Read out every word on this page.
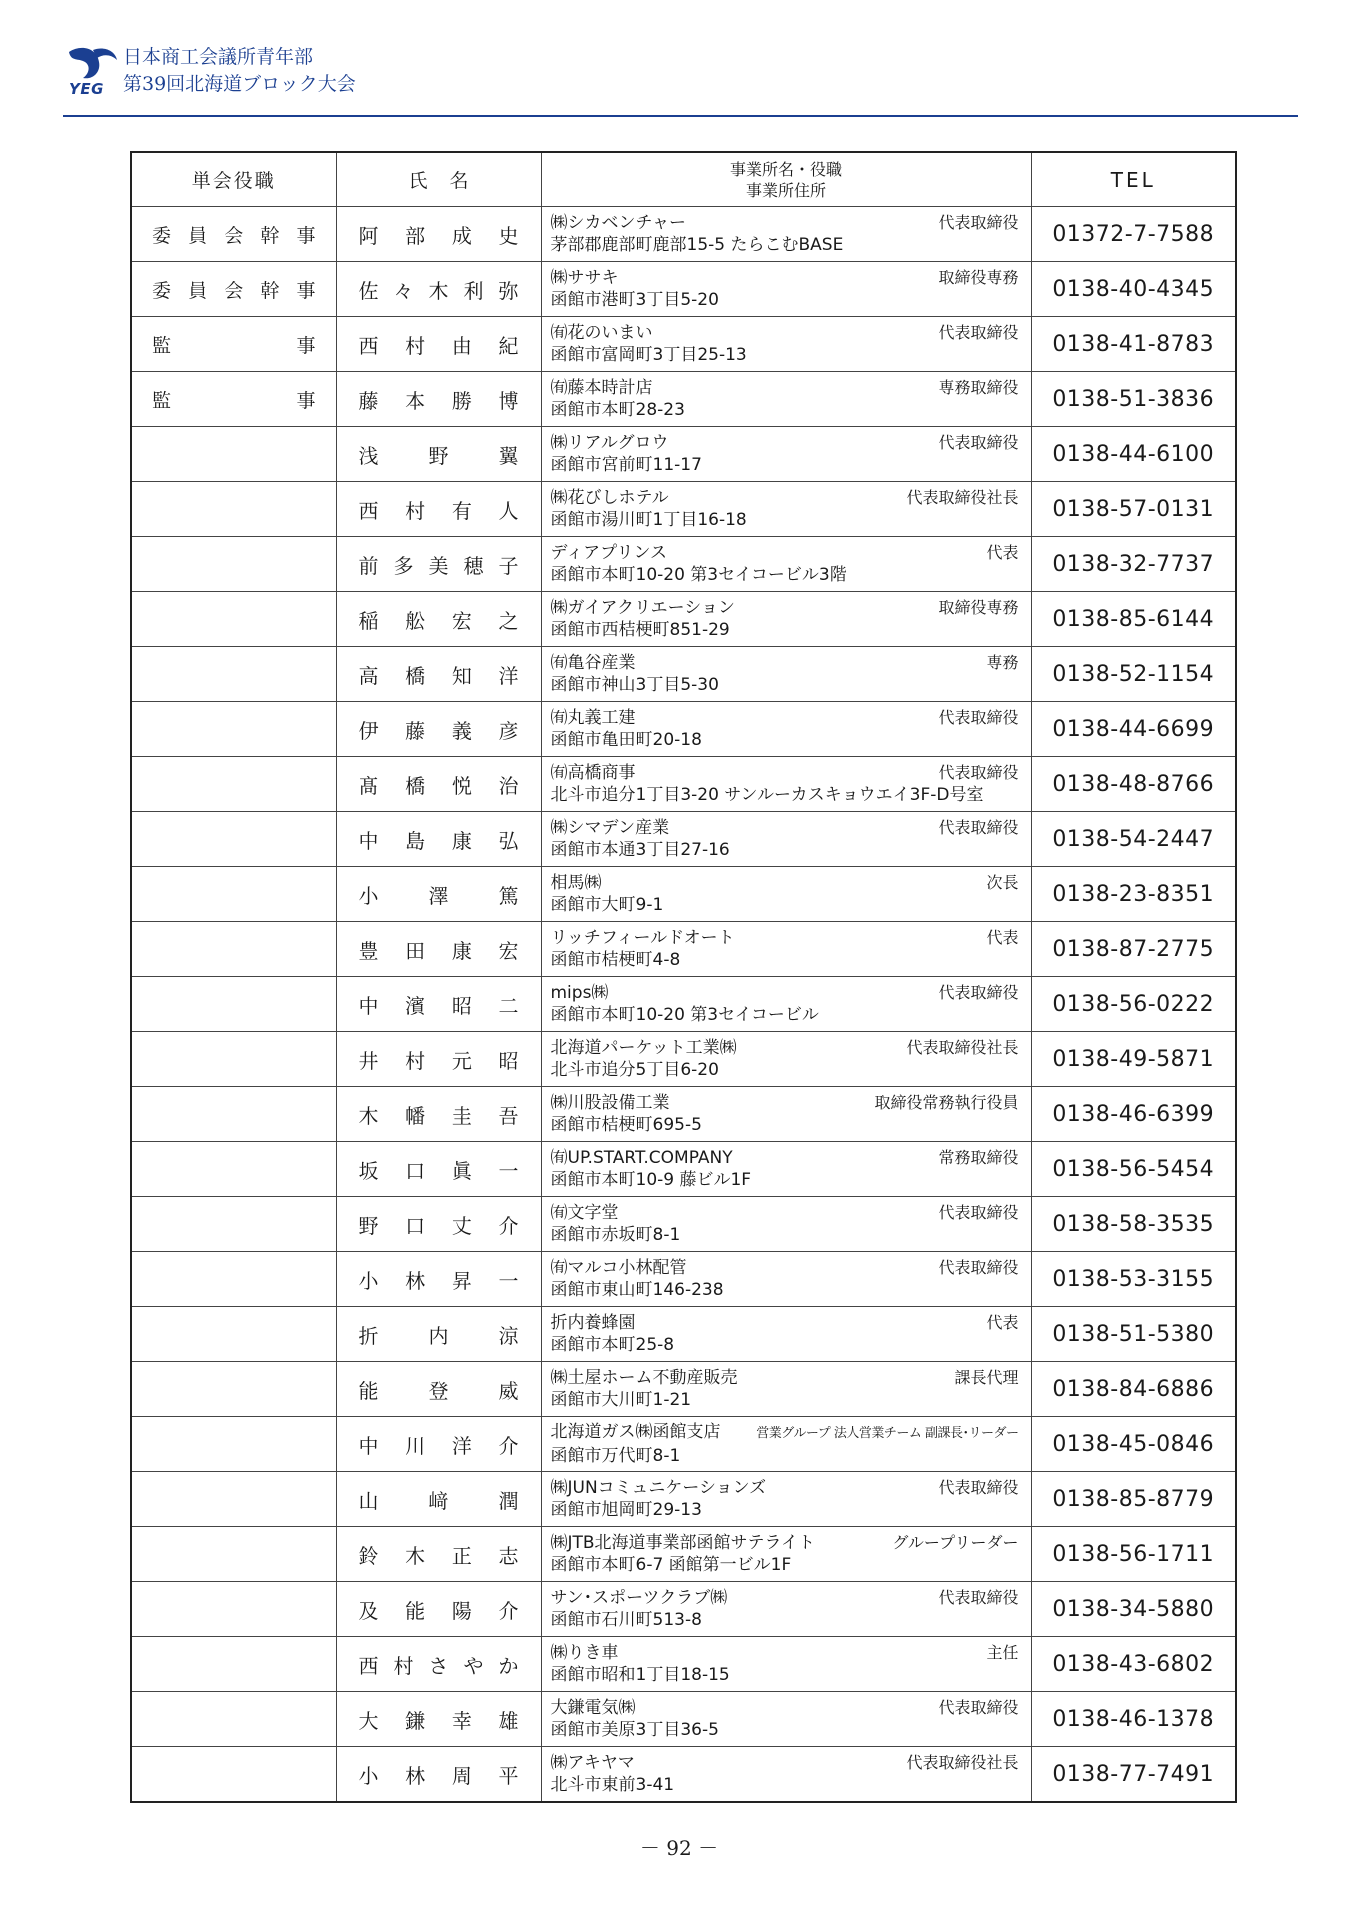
YEG
日本商工会議所青年部
第39回北海道ブロック大会
単会役職	氏名	事業所名・役職
事業所住所	TEL
委員会幹事	阿部成史	㈱シカベンチャー 代表取締役
茅部郡鹿部町鹿部15-5 たらこむBASE	01372-7-7588
委員会幹事	佐々木利弥	㈱ササキ 取締役専務
函館市港町3丁目5-20	0138-40-4345
監事	西村由紀	㈲花のいまい 代表取締役
函館市富岡町3丁目25-13	0138-41-8783
監事	藤本勝博	㈲藤本時計店 専務取締役
函館市本町28-23	0138-51-3836
	浅野翼	㈱リアルグロウ 代表取締役
函館市宮前町11-17	0138-44-6100
	西村有人	㈱花びしホテル 代表取締役社長
函館市湯川町1丁目16-18	0138-57-0131
	前多美穂子	ディアプリンス 代表
函館市本町10-20 第3セイコービル3階	0138-32-7737
	稲舩宏之	㈱ガイアクリエーション 取締役専務
函館市西桔梗町851-29	0138-85-6144
	高橋知洋	㈲亀谷産業 専務
函館市神山3丁目5-30	0138-52-1154
	伊藤義彦	㈲丸義工建 代表取締役
函館市亀田町20-18	0138-44-6699
	髙橋悦治	㈲高橋商事 代表取締役
北斗市追分1丁目3-20 サンルーカスキョウエイ3F-D号室	0138-48-8766
	中島康弘	㈱シマデン産業 代表取締役
函館市本通3丁目27-16	0138-54-2447
	小澤篤	相馬㈱ 次長
函館市大町9-1	0138-23-8351
	豊田康宏	リッチフィールドオート 代表
函館市桔梗町4-8	0138-87-2775
	中濱昭二	mips㈱ 代表取締役
函館市本町10-20 第3セイコービル	0138-56-0222
	井村元昭	北海道パーケット工業㈱ 代表取締役社長
北斗市追分5丁目6-20	0138-49-5871
	木幡圭吾	㈱川股設備工業 取締役常務執行役員
函館市桔梗町695-5	0138-46-6399
	坂口眞一	㈲UP.START.COMPANY 常務取締役
函館市本町10-9 藤ビル1F	0138-56-5454
	野口丈介	㈲文字堂 代表取締役
函館市赤坂町8-1	0138-58-3535
	小林昇一	㈲マルコ小林配管 代表取締役
函館市東山町146-238	0138-53-3155
	折内涼	折内養蜂園 代表
函館市本町25-8	0138-51-5380
	能登威	㈱土屋ホーム不動産販売 課長代理
函館市大川町1-21	0138-84-6886
	中川洋介	北海道ガス㈱函館支店 営業グループ 法人営業チーム 副課長･リーダー
函館市万代町8-1	0138-45-0846
	山﨑潤	㈱JUNコミュニケーションズ 代表取締役
函館市旭岡町29-13	0138-85-8779
	鈴木正志	㈱JTB北海道事業部函館サテライト グループリーダー
函館市本町6-7 函館第一ビル1F	0138-56-1711
	及能陽介	サン･スポーツクラブ㈱ 代表取締役
函館市石川町513-8	0138-34-5880
	西村さやか	㈱りき車 主任
函館市昭和1丁目18-15	0138-43-6802
	大鎌幸雄	大鎌電気㈱ 代表取締役
函館市美原3丁目36-5	0138-46-1378
	小林周平	㈱アキヤマ 代表取締役社長
北斗市東前3-41	0138-77-7491
－ 92 －
